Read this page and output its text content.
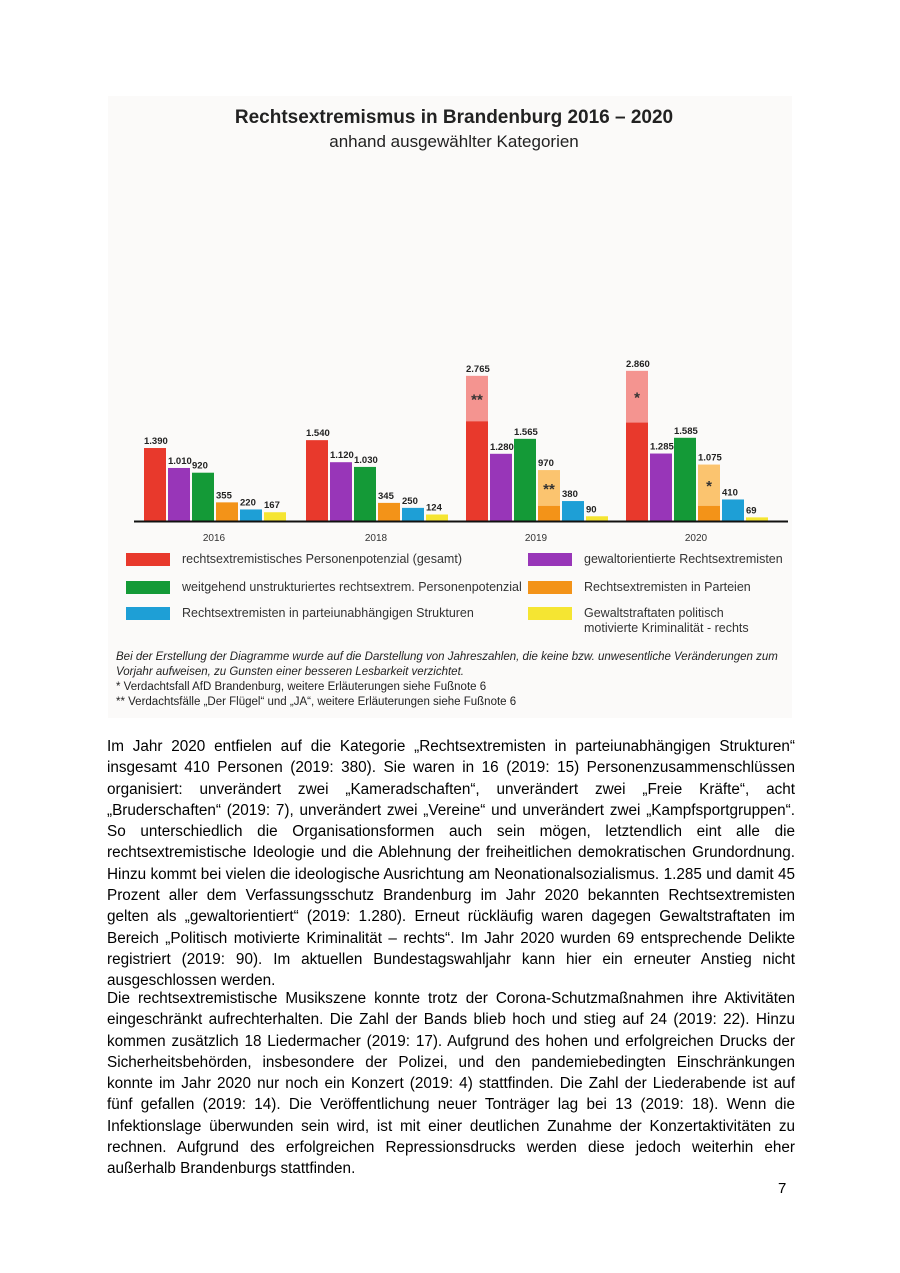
Rechtsextremismus in Brandenburg 2016 – 2020
anhand ausgewählter Kategorien
1.390
1.010 920
355
220 167
1.540
1.120 1.030
345 250
124
**
2.765
1.280
1.565
**
970
380
90
*
2.860
1.285
1.585
*
1.075
410
69
2016	2018	2019	2020
rechtsextremistisches Personenpotenzial (gesamt)	gewaltorientierte Rechtsextremisten
weitgehend unstrukturiertes rechtsextrem. Personenpotenzial	Rechtsextremisten in Parteien
Rechtsextremisten in parteiunabhängigen Strukturen	Gewaltstraftaten politisch motivierte Kriminalität - rechts
Bei der Erstellung der Diagramme wurde auf die Darstellung von Jahreszahlen, die keine bzw. unwesentliche Veränderungen zum Vorjahr aufweisen, zu Gunsten einer besseren Lesbarkeit verzichtet.
* Verdachtsfall AfD Brandenburg, weitere Erläuterungen siehe Fußnote 6
** Verdachtsfälle „Der Flügel“ und „JA“, weitere Erläuterungen siehe Fußnote 6

Im Jahr 2020 entfielen auf die Kategorie „Rechtsextremisten in parteiunabhängigen Strukturen“ insgesamt 410 Personen (2019: 380). Sie waren in 16 (2019: 15) Personenzusammenschlüssen organisiert: unverändert zwei „Kameradschaften“, unverändert zwei „Freie Kräfte“, acht „Bruderschaften“ (2019: 7), unverändert zwei „Vereine“ und unverändert zwei „Kampfsportgruppen“. So unterschiedlich die Organisationsformen auch sein mögen, letztendlich eint alle die rechtsextremistische Ideologie und die Ablehnung der freiheitlichen demokratischen Grundordnung. Hinzu kommt bei vielen die ideologische Ausrichtung am Neonationalsozialismus. 1.285 und damit 45 Prozent aller dem Verfassungsschutz Brandenburg im Jahr 2020 bekannten Rechtsextremisten gelten als „gewaltorientiert“ (2019: 1.280). Erneut rückläufig waren dagegen Gewaltstraftaten im Bereich „Politisch motivierte Kriminalität – rechts“. Im Jahr 2020 wurden 69 entsprechende Delikte registriert (2019: 90). Im aktuellen Bundestagswahljahr kann hier ein erneuter Anstieg nicht ausgeschlossen werden.

Die rechtsextremistische Musikszene konnte trotz der Corona-Schutzmaßnahmen ihre Aktivitäten eingeschränkt aufrechterhalten. Die Zahl der Bands blieb hoch und stieg auf 24 (2019: 22). Hinzu kommen zusätzlich 18 Liedermacher (2019: 17). Aufgrund des hohen und erfolgreichen Drucks der Sicherheitsbehörden, insbesondere der Polizei, und den pandemiebedingten Einschränkungen konnte im Jahr 2020 nur noch ein Konzert (2019: 4) stattfinden. Die Zahl der Liederabende ist auf fünf gefallen (2019: 14). Die Veröffentlichung neuer Tonträger lag bei 13 (2019: 18). Wenn die Infektionslage überwunden sein wird, ist mit einer deutlichen Zunahme der Konzertaktivitäten zu rechnen. Aufgrund des erfolgreichen Repressionsdrucks werden diese jedoch weiterhin eher außerhalb Brandenburgs stattfinden.

7
